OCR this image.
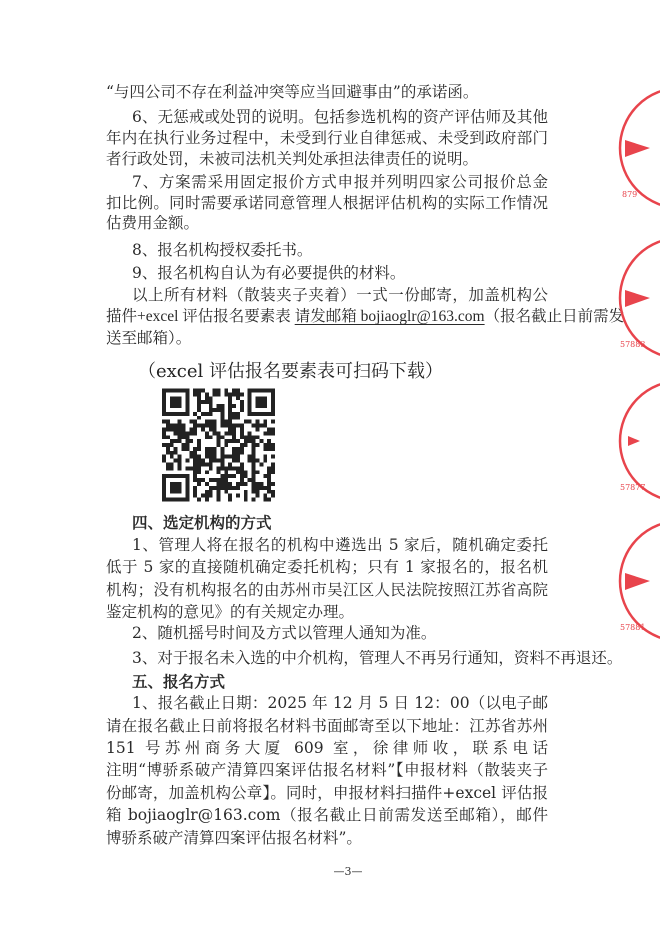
“与四公司不存在利益冲突等应当回避事由”的承诺函。
6、无惩戒或处罚的说明。包括参选机构的资产评估师及其他
年内在执行业务过程中，未受到行业自律惩戒、未受到政府部门
者行政处罚，未被司法机关判处承担法律责任的说明。
7、方案需采用固定报价方式申报并列明四家公司报价总金
扣比例。同时需要承诺同意管理人根据评估机构的实际工作情况
估费用金额。
8、报名机构授权委托书。
9、报名机构自认为有必要提供的材料。
以上所有材料（散装夹子夹着）一式一份邮寄，加盖机构公
描件+excel 评估报名要素表 请发邮箱 bojiaoglr@163.com（报名截止日前需发
送至邮箱）。
（excel 评估报名要素表可扫码下载）
四、选定机构的方式
1、管理人将在报名的机构中遴选出 5 家后，随机确定委托
低于 5 家的直接随机确定委托机构；只有 1 家报名的，报名机
机构；没有机构报名的由苏州市吴江区人民法院按照江苏省高院
鉴定机构的意见》的有关规定办理。
2、随机摇号时间及方式以管理人通知为准。
3、对于报名未入选的中介机构，管理人不再另行通知，资料不再退还。
五、报名方式
1、报名截止日期：2025 年 12 月 5 日 12：00（以电子邮
请在报名截止日前将报名材料书面邮寄至以下地址：江苏省苏州
151 号苏州商务大厦 609 室，徐律师收，联系电话
注明“博骄系破产清算四案评估报名材料”【申报材料（散装夹子
份邮寄，加盖机构公章】。同时，申报材料扫描件+excel 评估报
箱 bojiaoglr@163.com（报名截止日前需发送至邮箱），邮件
博骄系破产清算四案评估报名材料”。
—3—
879
57883
57877
57881
